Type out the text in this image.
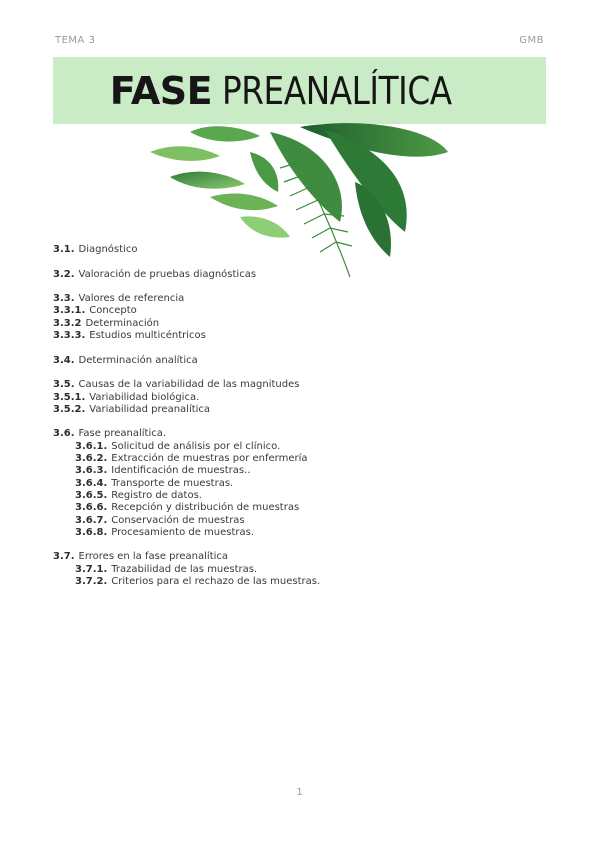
TEMA 3	GMB
FASE PREANALÍTICA
3.1. Diagnóstico
3.2. Valoración de pruebas diagnósticas
3.3. Valores de referencia
3.3.1. Concepto
3.3.2 Determinación
3.3.3. Estudios multicéntricos
3.4. Determinación analítica
3.5. Causas de la variabilidad de las magnitudes
3.5.1. Variabilidad biológica.
3.5.2. Variabilidad preanalítica
3.6. Fase preanalítica.
3.6.1. Solicitud de análisis por el clínico.
3.6.2. Extracción de muestras por enfermería
3.6.3. Identificación de muestras..
3.6.4. Transporte de muestras.
3.6.5. Registro de datos.
3.6.6. Recepción y distribución de muestras
3.6.7. Conservación de muestras
3.6.8. Procesamiento de muestras.
3.7. Errores en la fase preanalítica
3.7.1. Trazabilidad de las muestras.
3.7.2. Criterios para el rechazo de las muestras.
1
